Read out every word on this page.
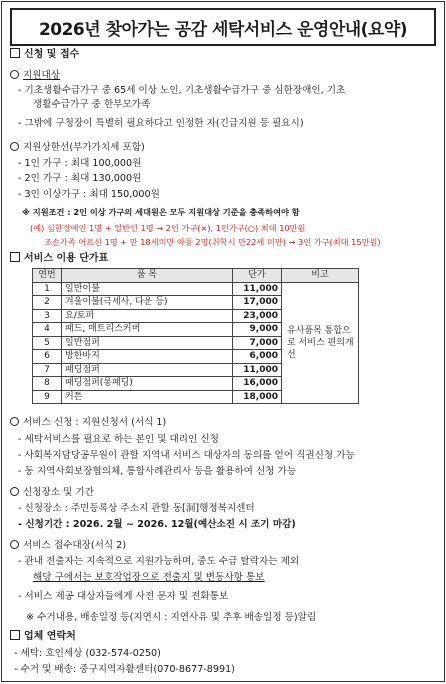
2026년 찾아가는 공감 세탁서비스 운영안내(요약)
신청 및 접수
지원대상
- 기초생활수급가구 중 65세 이상 노인, 기초생활수급가구 중 심한장애인, 기초
생활수급가구 중 한부모가족
- 그밖에 구청장이 특별히 필요하다고 인정한 자(긴급지원 등 필요시)
지원상한선(부가가치세 포함)
- 1인 가구 : 최대 100,000원
- 2인 가구 : 최대 130,000원
- 3인 이상가구 : 최대 150,000원
※ 지원조건 : 2인 이상 가구의 세대원은 모두 지원대상 기준을 충족하여야 함
(예) 심한장애인 1명 + 일반인 1명 → 2인 가구(×), 1인가구(○) 최대 10만원
조손가족 어르신 1명 + 만 18세미만 아동 2명(취학시 만22세 미만) → 3인 가구(최대 15만원)
서비스 이용 단가표
연번	품 목	단가	비고
1	일반이불	11,000	유사품목 통합으로 서비스 편의개선
2	겨울이불(극세사, 다운 등)	17,000	
3	요/토퍼	23,000	
4	패드, 매트리스커버	9,000	
5	일반점퍼	7,000	
6	방한바지	6,000	
7	패딩점퍼	11,000	
8	패딩점퍼(롱패딩)	16,000	
9	커튼	18,000	
서비스 신청 : 지원신청서 (서식 1)
- 세탁서비스를 필요로 하는 본인 및 대리인 신청
- 사회복지담당공무원이 관할 지역내 서비스 대상자의 동의를 얻어 직권신청 가능
- 동 지역사회보장협의체, 통합사례관리사 등을 활용하여 신청 가능
신청장소 및 기간
- 신청장소 : 주민등록상 주소지 관할 동[洞]행정복지센터
- 신청기간 : 2026. 2월 ~ 2026. 12월(예산소진 시 조기 마감)
서비스 접수대장(서식 2)
- 관내 전출자는 지속적으로 지원가능하며, 중도 수급 탈락자는 제외
해당 구에서는 보호작업장으로 전출지 및 변동사항 통보
- 서비스 제공 대상자들에게 사전 문자 및 전화통보
※ 수거내용, 배송일정 등(지연시 : 지연사유 및 추후 배송일정 등)알림
업체 연락처
- 세탁: 호인세상 (032-574-0250)
- 수거 및 배송: 중구지역자활센터(070-8677-8991)
